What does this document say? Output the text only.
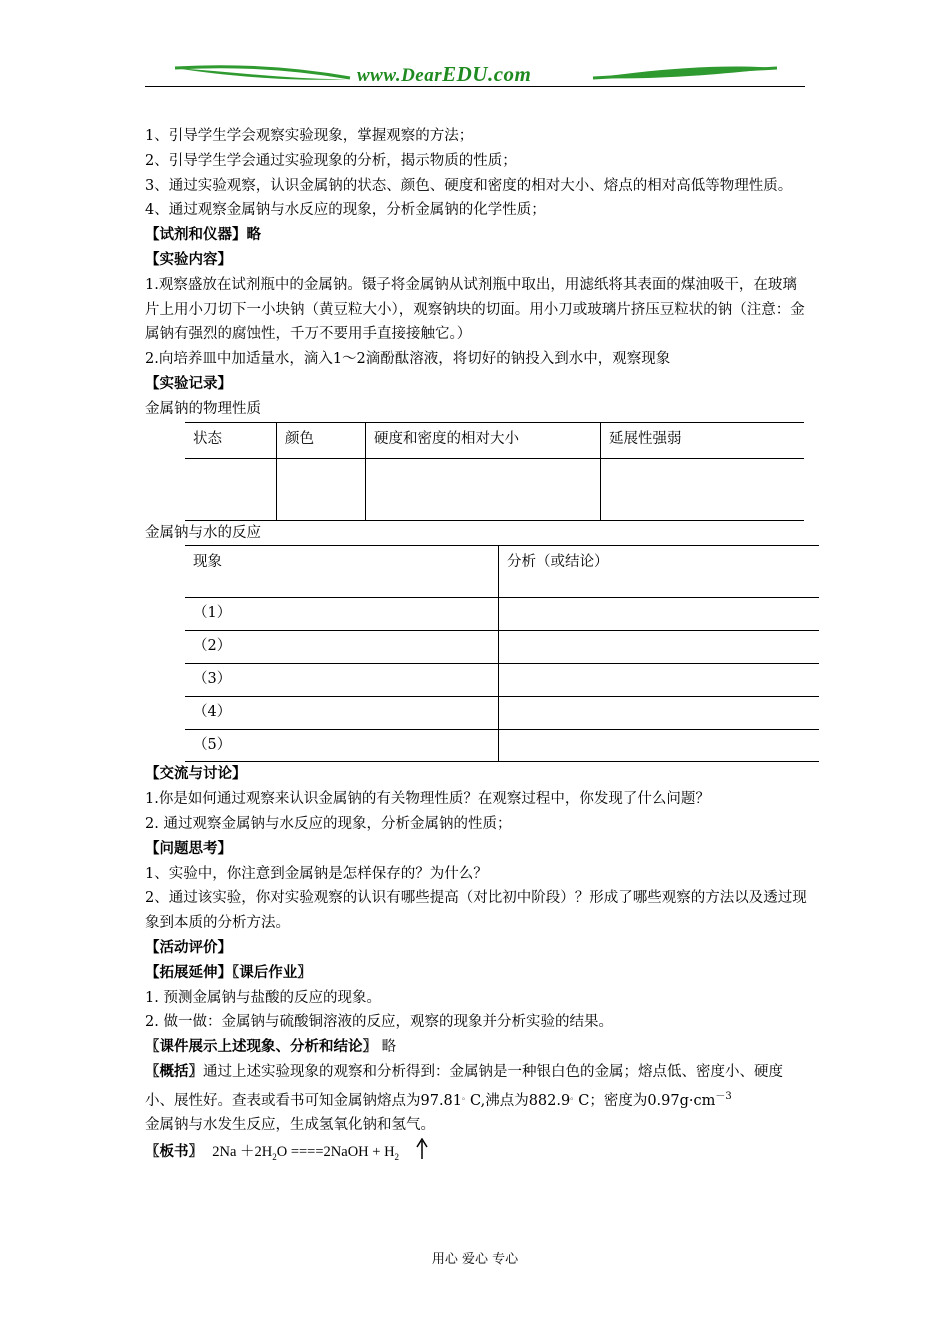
www.DearEDU.com

1、引导学生学会观察实验现象，掌握观察的方法；

2、引导学生学会通过实验现象的分析，揭示物质的性质；

3、通过实验观察，认识金属钠的状态、颜色、硬度和密度的相对大小、熔点的相对高低等物理性质。

4、通过观察金属钠与水反应的现象，分析金属钠的化学性质；

【试剂和仪器】略

【实验内容】

1.观察盛放在试剂瓶中的金属钠。镊子将金属钠从试剂瓶中取出，用滤纸将其表面的煤油吸干，在玻璃片上用小刀切下一小块钠（黄豆粒大小），观察钠块的切面。用小刀或玻璃片挤压豆粒状的钠（注意：金属钠有强烈的腐蚀性，千万不要用手直接接触它。）

2.向培养皿中加适量水，滴入1～2滴酚酞溶液，将切好的钠投入到水中，观察现象

【实验记录】

金属钠的物理性质

状态	颜色	硬度和密度的相对大小	延展性强弱

金属钠与水的反应

现象	分析（或结论）
（1）	
（2）	
（3）	
（4）	
（5）	

【交流与讨论】

1.你是如何通过观察来认识金属钠的有关物理性质？在观察过程中，你发现了什么问题？

2. 通过观察金属钠与水反应的现象，分析金属钠的性质；

【问题思考】

1、实验中，你注意到金属钠是怎样保存的？为什么？

2、通过该实验，你对实验观察的认识有哪些提高（对比初中阶段）？形成了哪些观察的方法以及透过现象到本质的分析方法。

【活动评价】

【拓展延伸】〖课后作业〗

1. 预测金属钠与盐酸的反应的现象。

2. 做一做：金属钠与硫酸铜溶液的反应，观察的现象并分析实验的结果。

〖课件展示上述现象、分析和结论〗 略

〖概括〗通过上述实验现象的观察和分析得到：金属钠是一种银白色的金属；熔点低、密度小、硬度小、展性好。查表或看书可知金属钠熔点为97.81。C,沸点为882.9。C；密度为$0.97g\cdot cm^{-3}$
金属钠与水发生反应，生成氢氧化钠和氢气。

〖板书〗 $2Na +2H_2O$ ====2NaOH + $H_2$

用心 爱心 专心
